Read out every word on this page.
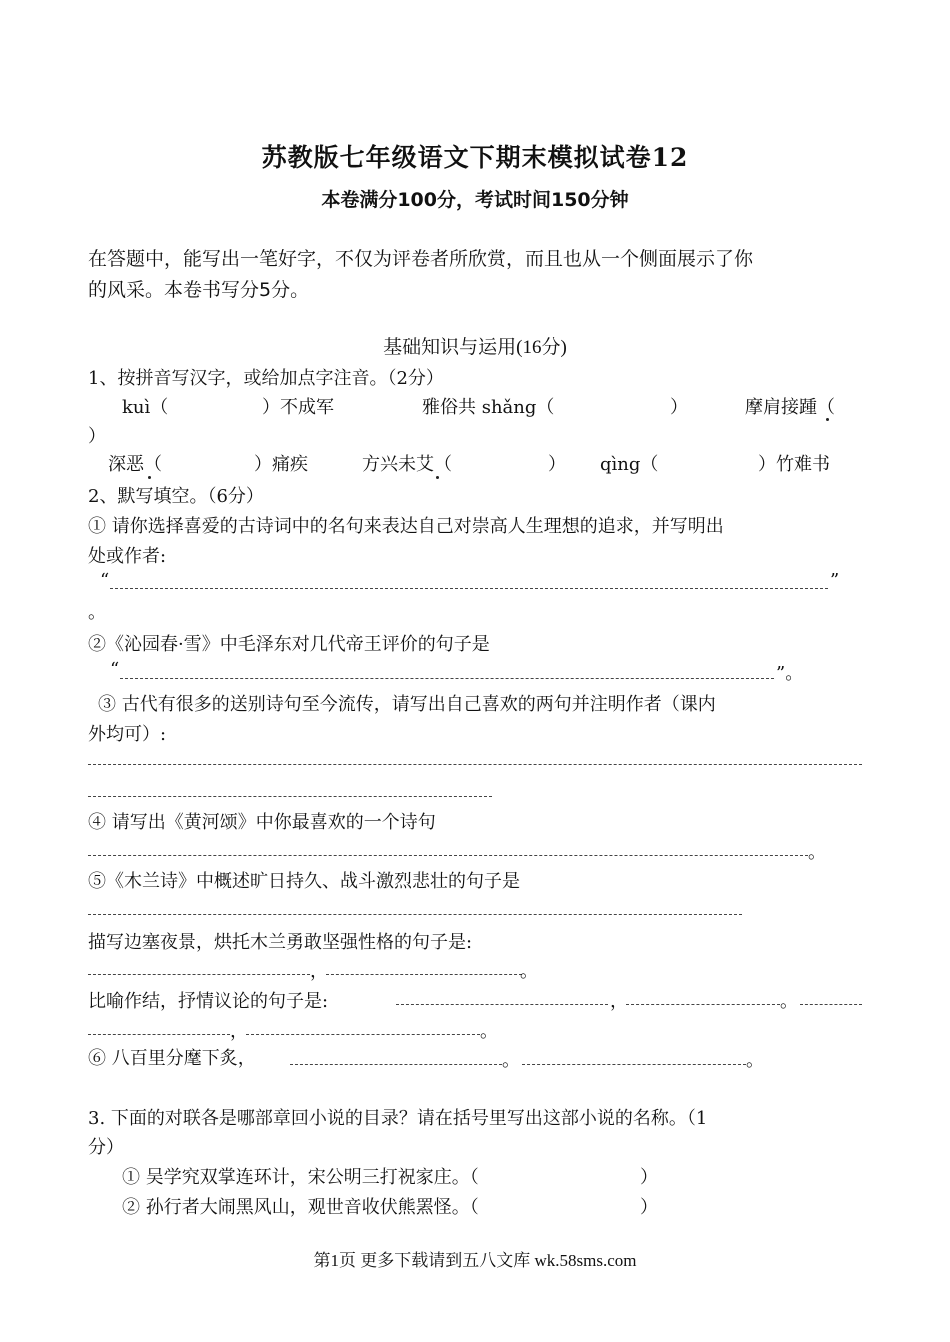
苏教版七年级语文下期末模拟试卷12
本卷满分100分，考试时间150分钟
在答题中，能写出一笔好字，不仅为评卷者所欣赏，而且也从一个侧面展示了你
的风采。本卷书写分5分。
基础知识与运用(16分)
1、按拼音写汉字，或给加点字注音。（2分）
kuì（	）不成军	雅俗共 shǎng（	）	摩肩接踵（
）
深恶（	）痛疾	方兴未艾（	） qìng（	）竹难书
2、默写填空。（6分）
① 请你选择喜爱的古诗词中的名句来表达自己对崇高人生理想的追求，并写明出
处或作者:
“	”
。
②《沁园春·雪》中毛泽东对几代帝王评价的句子是
“	”。
③ 古代有很多的送别诗句至今流传，请写出自己喜欢的两句并注明作者（课内
外均可）:
④ 请写出《黄河颂》中你最喜欢的一个诗句
。
⑤《木兰诗》中概述旷日持久、战斗激烈悲壮的句子是
描写边塞夜景，烘托木兰勇敢坚强性格的句子是:
，	。
比喻作结，抒情议论的句子是:	，	。
，	。
⑥ 八百里分麾下炙，	。	。
3. 下面的对联各是哪部章回小说的目录？请在括号里写出这部小说的名称。（1
分）
① 吴学究双掌连环计，宋公明三打祝家庄。（	）
② 孙行者大闹黑风山，观世音收伏熊罴怪。（	）
第1页 更多下载请到五八文库 wk.58sms.com
